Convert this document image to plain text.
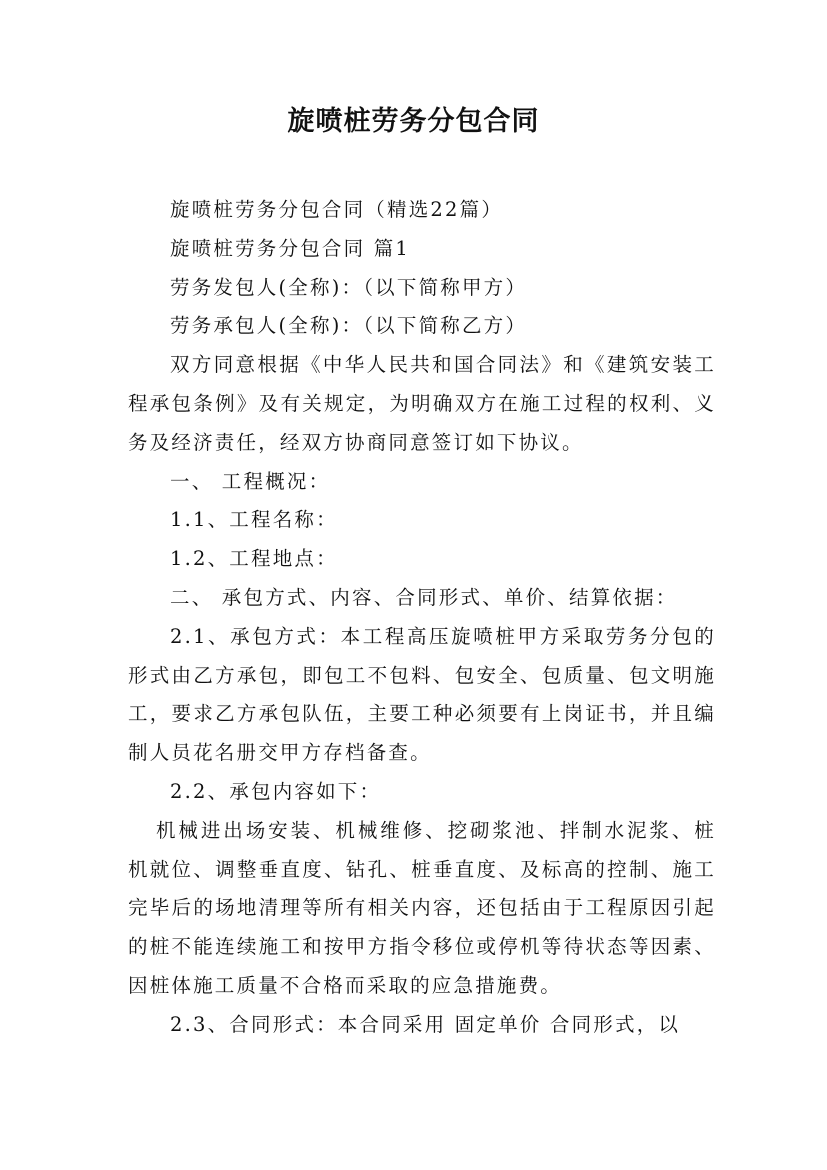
旋喷桩劳务分包合同

旋喷桩劳务分包合同（精选22篇）

旋喷桩劳务分包合同 篇1

劳务发包人(全称)：（以下简称甲方）

劳务承包人(全称)：（以下简称乙方）

双方同意根据《中华人民共和国合同法》和《建筑安装工程承包条例》及有关规定，为明确双方在施工过程的权利、义务及经济责任，经双方协商同意签订如下协议。

一、 工程概况：

1.1、工程名称：

1.2、工程地点：

二、 承包方式、内容、合同形式、单价、结算依据：

2.1、承包方式：本工程高压旋喷桩甲方采取劳务分包的形式由乙方承包，即包工不包料、包安全、包质量、包文明施工，要求乙方承包队伍，主要工种必须要有上岗证书，并且编制人员花名册交甲方存档备查。

2.2、承包内容如下：

机械进出场安装、机械维修、挖砌浆池、拌制水泥浆、桩机就位、调整垂直度、钻孔、桩垂直度、及标高的控制、施工完毕后的场地清理等所有相关内容，还包括由于工程原因引起的桩不能连续施工和按甲方指令移位或停机等待状态等因素、因桩体施工质量不合格而采取的应急措施费。

2.3、合同形式：本合同采用 固定单价 合同形式，以
